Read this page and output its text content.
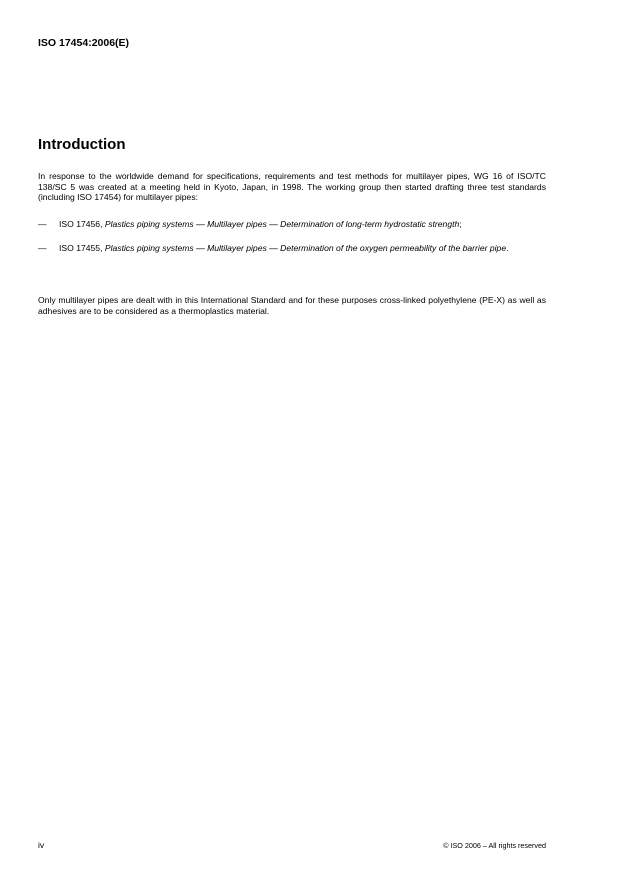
ISO 17454:2006(E)
Introduction

In response to the worldwide demand for specifications, requirements and test methods for multilayer pipes, WG 16 of ISO/TC 138/SC 5 was created at a meeting held in Kyoto, Japan, in 1998. The working group then started drafting three test standards (including ISO 17454) for multilayer pipes:

— ISO 17456, Plastics piping systems — Multilayer pipes — Determination of long-term hydrostatic strength;
— ISO 17455, Plastics piping systems — Multilayer pipes — Determination of the oxygen permeability of the barrier pipe.

Only multilayer pipes are dealt with in this International Standard and for these purposes cross-linked polyethylene (PE-X) as well as adhesives are to be considered as a thermoplastics material.

iv	© ISO 2006 – All rights reserved
